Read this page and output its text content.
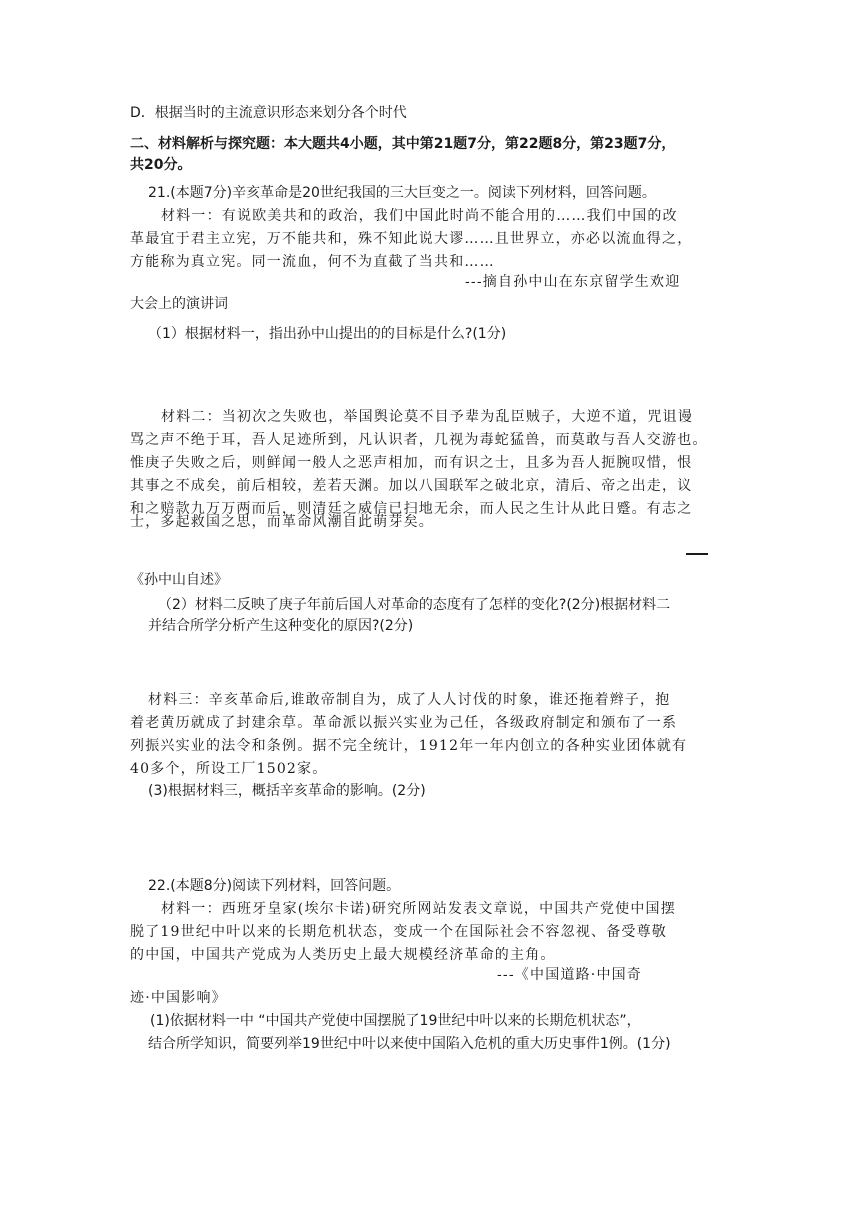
D．根据当时的主流意识形态来划分各个时代
二、材料解析与探究题：本大题共4小题，其中第21题7分，第22题8分，第23题7分，
共20分。
21.(本题7分)辛亥革命是20世纪我国的三大巨变之一。阅读下列材料，回答问题。
材料一：有说欧美共和的政治，我们中国此时尚不能合用的……我们中国的改
革最宜于君主立宪，万不能共和，殊不知此说大谬……且世界立，亦必以流血得之，
方能称为真立宪。同一流血，何不为直截了当共和……
---摘自孙中山在东京留学生欢迎
大会上的演讲词
（1）根据材料一，指出孙中山提出的的目标是什么?(1分)
材料二：当初次之失败也，举国舆论莫不目予辈为乱臣贼子，大逆不道，咒诅谩
骂之声不绝于耳，吾人足迹所到，凡认识者，几视为毒蛇猛兽，而莫敢与吾人交游也。
惟庚子失败之后，则鲜闻一般人之恶声相加，而有识之士，且多为吾人扼腕叹惜，恨
其事之不成矣，前后相较，差若天渊。加以八国联军之破北京，清后、帝之出走，议
和之赔款九万万两而后，则清廷之威信已扫地无余，而人民之生计从此日蹙。有志之
士，多起救国之思，而革命风潮自此萌芽矣。
《孙中山自述》
（2）材料二反映了庚子年前后国人对革命的态度有了怎样的变化?(2分)根据材料二
并结合所学分析产生这种变化的原因?(2分)
材料三：辛亥革命后,谁敢帝制自为，成了人人讨伐的时象，谁还拖着辫子，抱
着老黄历就成了封建余草。革命派以振兴实业为己任，各级政府制定和颁布了一系
列振兴实业的法令和条例。据不完全统计，1912年一年内创立的各种实业团体就有
40多个，所设工厂1502家。
(3)根据材料三，概括辛亥革命的影响。(2分)
22.(本题8分)阅读下列材料，回答问题。
材料一：西班牙皇家(埃尔卡诺)研究所网站发表文章说，中国共产党使中国摆
脱了19世纪中叶以来的长期危机状态，变成一个在国际社会不容忽视、备受尊敬
的中国，中国共产党成为人类历史上最大规模经济革命的主角。
---《中国道路·中国奇
迹·中国影响》
(1)依据材料一中 “中国共产党使中国摆脱了19世纪中叶以来的长期危机状态”，
结合所学知识，简要列举19世纪中叶以来使中国陷入危机的重大历史事件1例。(1分)
